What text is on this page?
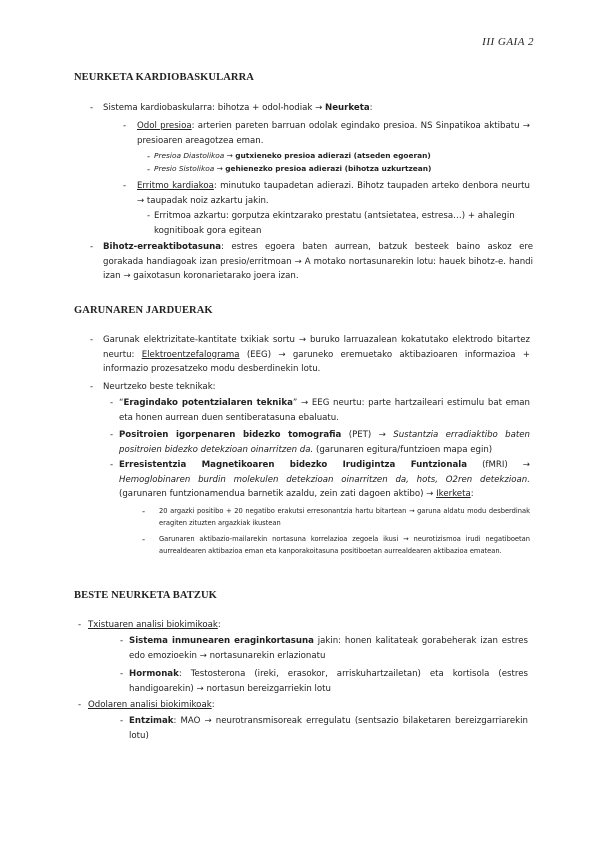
III GAIA 2
NEURKETA KARDIOBASKULARRA
- Sistema kardiobaskularra: bihotza + odol-hodiak → Neurketa:
- Odol presioa: arterien pareten barruan odolak egindako presioa. NS Sinpatikoa aktibatu → presioaren areagotzea eman.
- Presioa Diastolikoa → gutxieneko presioa adierazi (atseden egoeran)
- Presio Sistolikoa → gehienezko presioa adierazi (bihotza uzkurtzean)
- Erritmo kardiakoa: minutuko taupadetan adierazi. Bihotz taupaden arteko denbora neurtu → taupadak noiz azkartu jakin.
- Erritmoa azkartu: gorputza ekintzarako prestatu (antsietatea, estresa…) + ahalegin kognitiboak gora egitean
- Bihotz-erreaktibotasuna: estres egoera baten aurrean, batzuk besteek baino askoz ere gorakada handiagoak izan presio/erritmoan → A motako nortasunarekin lotu: hauek bihotz-e. handi izan → gaixotasun koronarietarako joera izan.
GARUNAREN JARDUERAK
- Garunak elektrizitate-kantitate txikiak sortu → buruko larruazalean kokatutako elektrodo bitartez neurtu: Elektroentzefalograma (EEG) → garuneko eremuetako aktibazioaren informazioa + informazio prozesatzeko modu desberdinekin lotu.
- Neurtzeko beste teknikak:
- “Eragindako potentzialaren teknika” → EEG neurtu: parte hartzaileari estimulu bat eman eta honen aurrean duen sentiberatasuna ebaluatu.
- Positroien igorpenaren bidezko tomografia (PET) → Sustantzia erradiaktibo baten positroien bidezko detekzioan oinarritzen da. (garunaren egitura/funtzioen mapa egin)
- Erresistentzia Magnetikoaren bidezko Irudigintza Funtzionala (fMRI) → Hemoglobinaren burdin molekulen detekzioan oinarritzen da, hots, O2ren detekzioan. (garunaren funtzionamendua barnetik azaldu, zein zati dagoen aktibo) → Ikerketa:
- 20 argazki positibo + 20 negatibo erakutsi erresonantzia hartu bitartean → garuna aldatu modu desberdinak eragiten zituzten argazkiak ikustean
- Garunaren aktibazio-mailarekin nortasuna korrelazioa zegoela ikusi → neurotizismoa irudi negatiboetan aurrealdearen aktibazioa eman eta kanporakoitasuna positiboetan aurrealdearen aktibazioa ematean.
BESTE NEURKETA BATZUK
- Txistuaren analisi biokimikoak:
- Sistema inmunearen eraginkortasuna jakin: honen kalitateak gorabeherak izan estres edo emozioekin → nortasunarekin erlazionatu
- Hormonak: Testosterona (ireki, erasokor, arriskuhartzailetan) eta kortisola (estres handigoarekin) → nortasun bereizgarriekin lotu
- Odolaren analisi biokimikoak:
- Entzimak: MAO → neurotransmisoreak erregulatu (sentsazio bilaketaren bereizgarriarekin lotu)
